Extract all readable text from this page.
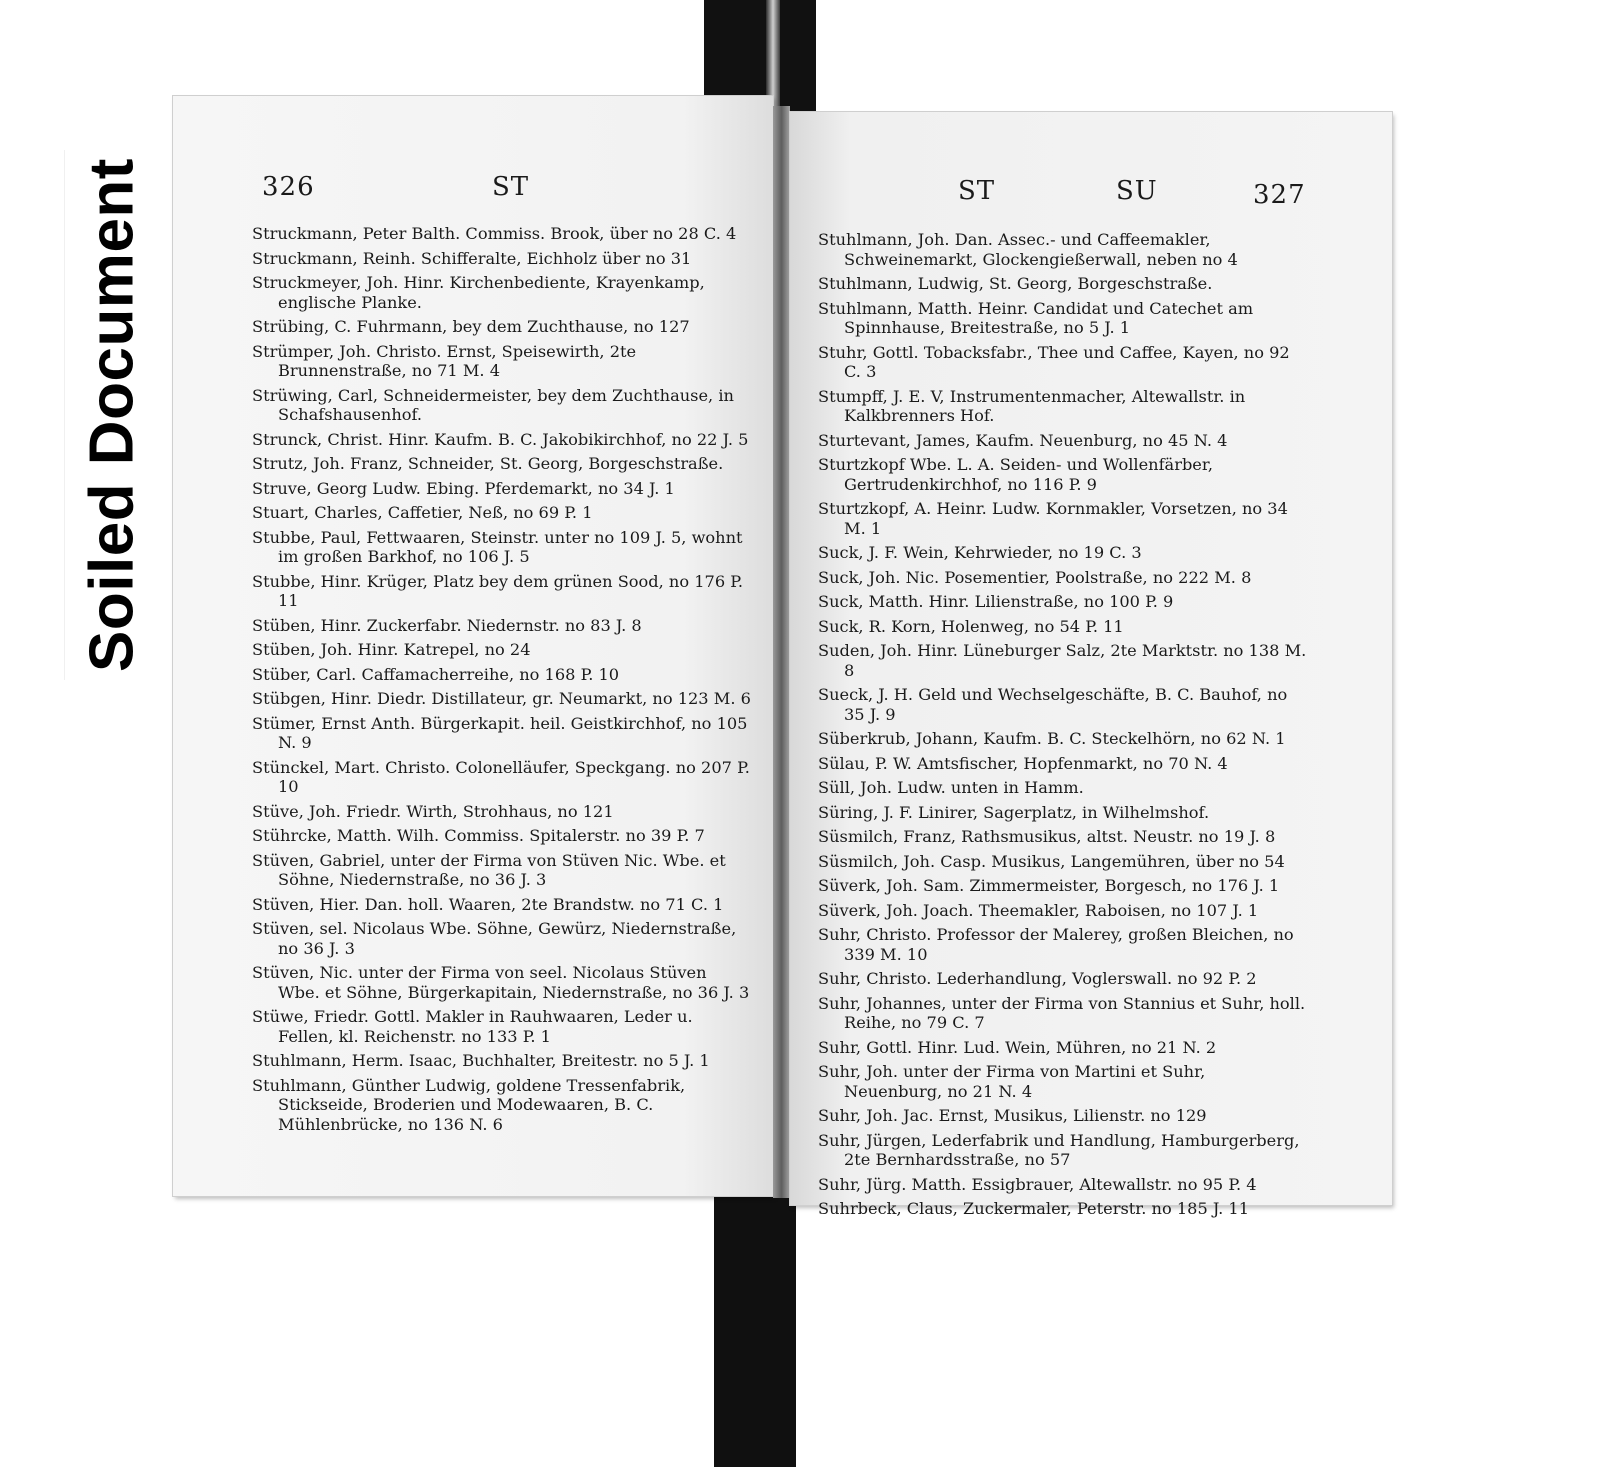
Soiled Document	326	ST	ST	SU	327
Struckmann, Peter Balth. Commiss. Brook, über no 28 C. 4
Struckmann, Reinh. Schifferalte, Eichholz über no 31
Struckmeyer, Joh. Hinr. Kirchenbediente, Krayenkamp, englische Planke.
Strübing, C. Fuhrmann, bey dem Zuchthause, no 127
Strümper, Joh. Christo. Ernst, Speisewirth, 2te Brunnenstraße, no 71 M. 4
Strüwing, Carl, Schneidermeister, bey dem Zuchthause, in Schafshausenhof.
Strunck, Christ. Hinr. Kaufm. B. C. Jakobikirchhof, no 22 J. 5
Strutz, Joh. Franz, Schneider, St. Georg, Borgeschstraße.
Struve, Georg Ludw. Ebing. Pferdemarkt, no 34 J. 1
Stuart, Charles, Caffetier, Neß, no 69 P. 1
Stubbe, Paul, Fettwaaren, Steinstr. unter no 109 J. 5, wohnt im großen Barkhof, no 106 J. 5
Stubbe, Hinr. Krüger, Platz bey dem grünen Sood, no 176 P. 11
Stüben, Hinr. Zuckerfabr. Niedernstr. no 83 J. 8
Stüben, Joh. Hinr. Katrepel, no 24
Stüber, Carl. Caffamacherreihe, no 168 P. 10
Stübgen, Hinr. Diedr. Distillateur, gr. Neumarkt, no 123 M. 6
Stümer, Ernst Anth. Bürgerkapit. heil. Geistkirchhof, no 105 N. 9
Stünckel, Mart. Christo. Colonelläufer, Speckgang. no 207 P. 10
Stüve, Joh. Friedr. Wirth, Strohhaus, no 121
Stührcke, Matth. Wilh. Commiss. Spitalerstr. no 39 P. 7
Stüven, Gabriel, unter der Firma von Stüven Nic. Wbe. et Söhne, Niedernstraße, no 36 J. 3
Stüven, Hier. Dan. holl. Waaren, 2te Brandstw. no 71 C. 1
Stüven, sel. Nicolaus Wbe. Söhne, Gewürz, Niedernstraße, no 36 J. 3
Stüven, Nic. unter der Firma von seel. Nicolaus Stüven Wbe. et Söhne, Bürgerkapitain, Niedernstraße, no 36 J. 3
Stüwe, Friedr. Gottl. Makler in Rauhwaaren, Leder u. Fellen, kl. Reichenstr. no 133 P. 1
Stuhlmann, Herm. Isaac, Buchhalter, Breitestr. no 5 J. 1
Stuhlmann, Günther Ludwig, goldene Tressenfabrik, Stickseide, Broderien und Modewaaren, B. C. Mühlenbrücke, no 136 N. 6
Stuhlmann, Joh. Dan. Assec.- und Caffeemakler, Schweinemarkt, Glockengießerwall, neben no 4
Stuhlmann, Ludwig, St. Georg, Borgeschstraße.
Stuhlmann, Matth. Heinr. Candidat und Catechet am Spinnhause, Breitestraße, no 5 J. 1
Stuhr, Gottl. Tobacksfabr., Thee und Caffee, Kayen, no 92 C. 3
Stumpff, J. E. V, Instrumentenmacher, Altewallstr. in Kalkbrenners Hof.
Sturtevant, James, Kaufm. Neuenburg, no 45 N. 4
Sturtzkopf Wbe. L. A. Seiden- und Wollenfärber, Gertrudenkirchhof, no 116 P. 9
Sturtzkopf, A. Heinr. Ludw. Kornmakler, Vorsetzen, no 34 M. 1
Suck, J. F. Wein, Kehrwieder, no 19 C. 3
Suck, Joh. Nic. Posementier, Poolstraße, no 222 M. 8
Suck, Matth. Hinr. Lilienstraße, no 100 P. 9
Suck, R. Korn, Holenweg, no 54 P. 11
Suden, Joh. Hinr. Lüneburger Salz, 2te Marktstr. no 138 M. 8
Sueck, J. H. Geld und Wechselgeschäfte, B. C. Bauhof, no 35 J. 9
Süberkrub, Johann, Kaufm. B. C. Steckelhörn, no 62 N. 1
Sülau, P. W. Amtsfischer, Hopfenmarkt, no 70 N. 4
Süll, Joh. Ludw. unten in Hamm.
Süring, J. F. Linirer, Sagerplatz, in Wilhelmshof.
Süsmilch, Franz, Rathsmusikus, altst. Neustr. no 19 J. 8
Süsmilch, Joh. Casp. Musikus, Langemühren, über no 54
Süverk, Joh. Sam. Zimmermeister, Borgesch, no 176 J. 1
Süverk, Joh. Joach. Theemakler, Raboisen, no 107 J. 1
Suhr, Christo. Professor der Malerey, großen Bleichen, no 339 M. 10
Suhr, Christo. Lederhandlung, Voglerswall. no 92 P. 2
Suhr, Johannes, unter der Firma von Stannius et Suhr, holl. Reihe, no 79 C. 7
Suhr, Gottl. Hinr. Lud. Wein, Mühren, no 21 N. 2
Suhr, Joh. unter der Firma von Martini et Suhr, Neuenburg, no 21 N. 4
Suhr, Joh. Jac. Ernst, Musikus, Lilienstr. no 129
Suhr, Jürgen, Lederfabrik und Handlung, Hamburgerberg, 2te Bernhardsstraße, no 57
Suhr, Jürg. Matth. Essigbrauer, Altewallstr. no 95 P. 4
Suhrbeck, Claus, Zuckermaler, Peterstr. no 185 J. 11
